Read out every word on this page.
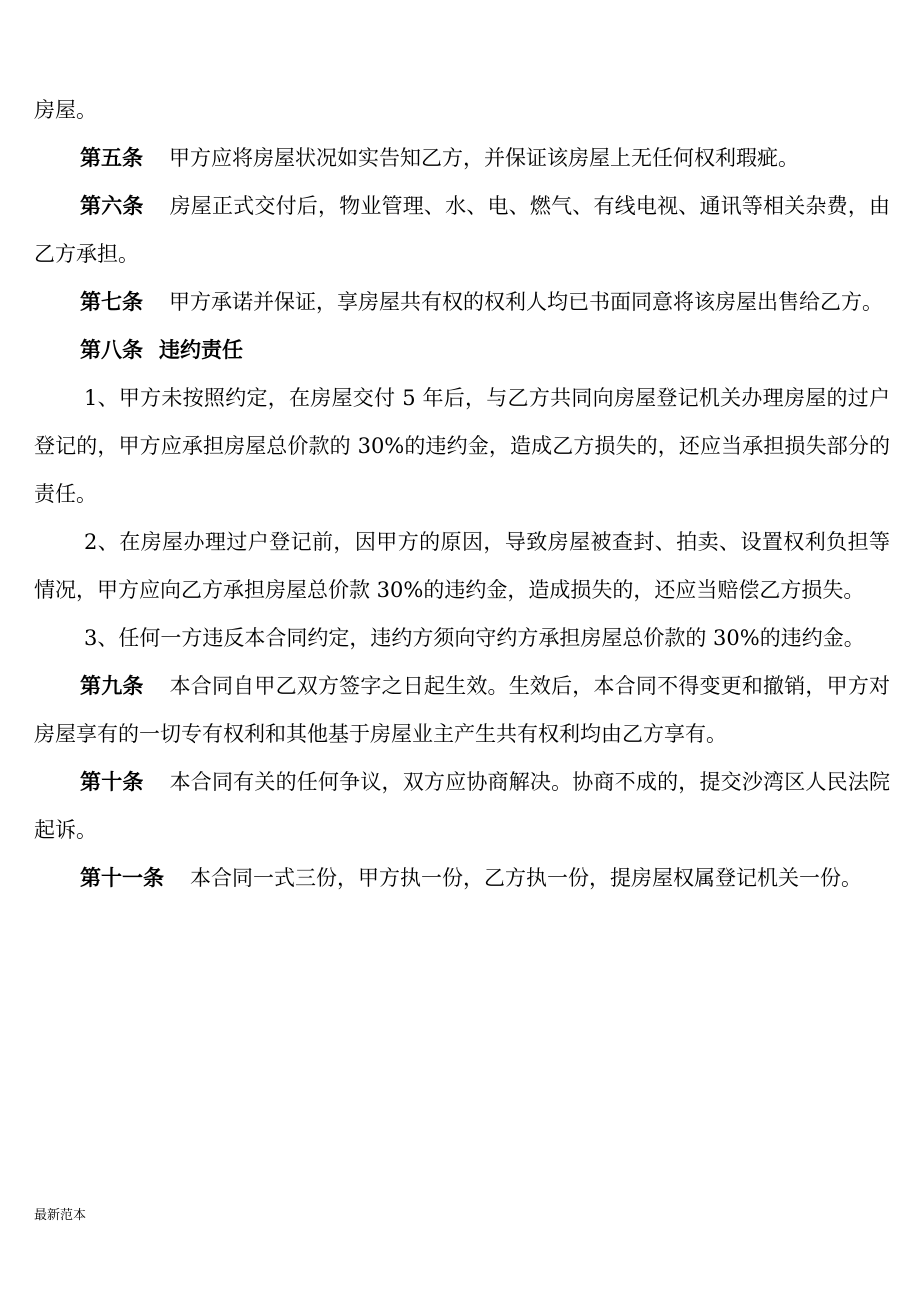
房屋。

第五条 甲方应将房屋状况如实告知乙方，并保证该房屋上无任何权利瑕疵。

第六条 房屋正式交付后，物业管理、水、电、燃气、有线电视、通讯等相关杂费，由乙方承担。

第七条 甲方承诺并保证，享房屋共有权的权利人均已书面同意将该房屋出售给乙方。

第八条 违约责任

1、甲方未按照约定，在房屋交付 5 年后，与乙方共同向房屋登记机关办理房屋的过户登记的，甲方应承担房屋总价款的 30%的违约金，造成乙方损失的，还应当承担损失部分的责任。

2、在房屋办理过户登记前，因甲方的原因，导致房屋被查封、拍卖、设置权利负担等情况，甲方应向乙方承担房屋总价款 30%的违约金，造成损失的，还应当赔偿乙方损失。

3、任何一方违反本合同约定，违约方须向守约方承担房屋总价款的 30%的违约金。

第九条 本合同自甲乙双方签字之日起生效。生效后，本合同不得变更和撤销，甲方对房屋享有的一切专有权利和其他基于房屋业主产生共有权利均由乙方享有。

第十条 本合同有关的任何争议，双方应协商解决。协商不成的，提交沙湾区人民法院起诉。

第十一条 本合同一式三份，甲方执一份，乙方执一份，提房屋权属登记机关一份。

最新范本
